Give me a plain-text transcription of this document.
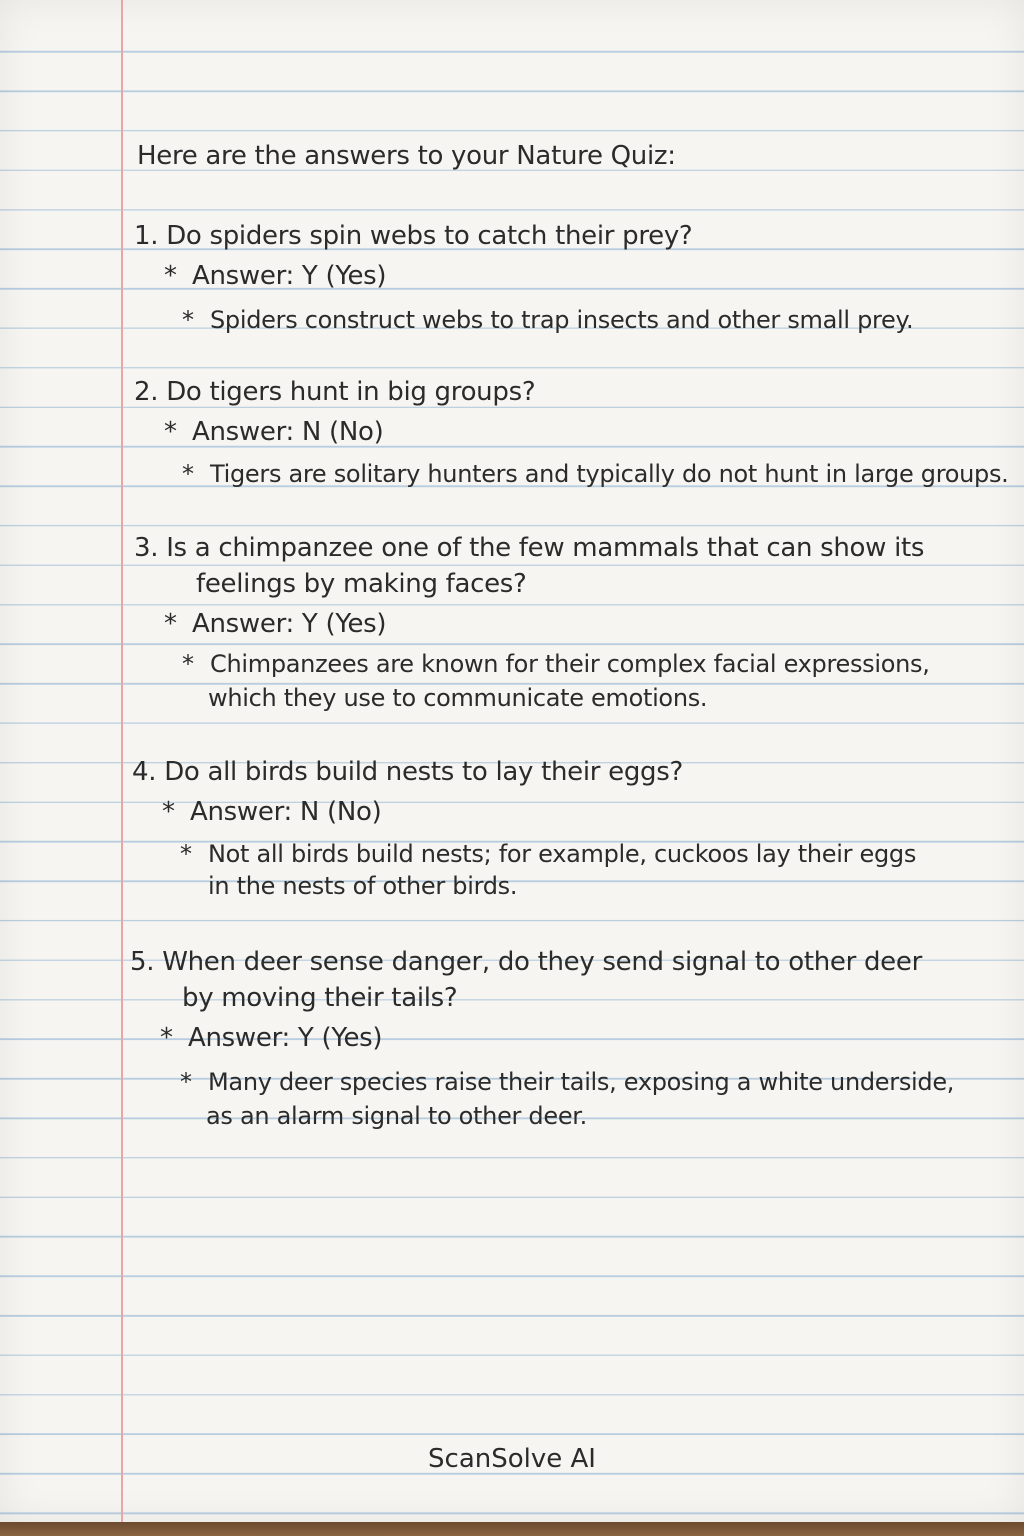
Here are the answers to your Nature Quiz:
1. Do spiders spin webs to catch their prey?
* Answer: Y (Yes)
* Spiders construct webs to trap insects and other small prey.
2. Do tigers hunt in big groups?
* Answer: N (No)
* Tigers are solitary hunters and typically do not hunt in large groups.
3. Is a chimpanzee one of the few mammals that can show its
feelings by making faces?
* Answer: Y (Yes)
* Chimpanzees are known for their complex facial expressions,
which they use to communicate emotions.
4. Do all birds build nests to lay their eggs?
* Answer: N (No)
* Not all birds build nests; for example, cuckoos lay their eggs
in the nests of other birds.
5. When deer sense danger, do they send signal to other deer
by moving their tails?
* Answer: Y (Yes)
* Many deer species raise their tails, exposing a white underside,
as an alarm signal to other deer.
ScanSolve AI
